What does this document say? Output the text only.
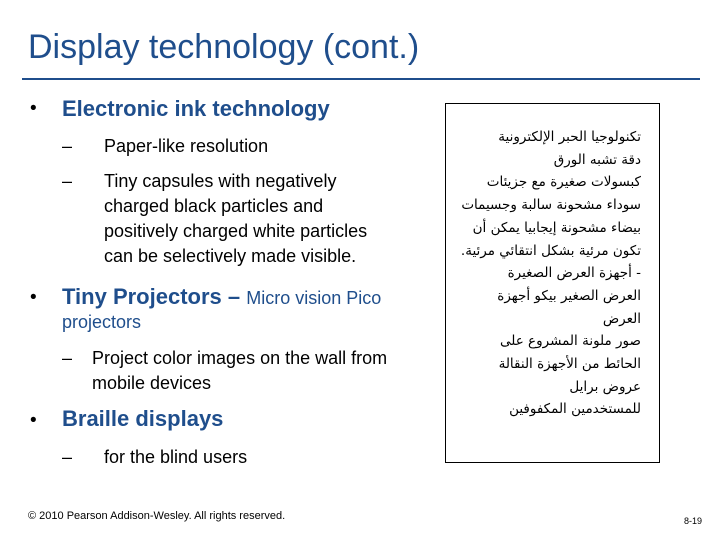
Display technology (cont.)
• Electronic ink technology
– Paper-like resolution
– Tiny capsules with negatively
charged black particles and
positively charged white particles
can be selectively made visible.
• Tiny Projectors – Micro vision Pico
projectors
– Project color images on the wall from
mobile devices
• Braille displays
– for the blind users
تكنولوجيا الحبر الإلكترونية
دقة تشبه الورق
كبسولات صغيرة مع جزيئات
سوداء مشحونة سالبة وجسيمات
بيضاء مشحونة إيجابيا يمكن أن
تكون مرئية بشكل انتقائي مرئية.
- أجهزة العرض الصغيرة
العرض الصغير بيكو أجهزة
العرض
صور ملونة المشروع على
الحائط من الأجهزة النقالة
عروض برايل
للمستخدمين المكفوفين
© 2010 Pearson Addison-Wesley. All rights reserved.	8-19
